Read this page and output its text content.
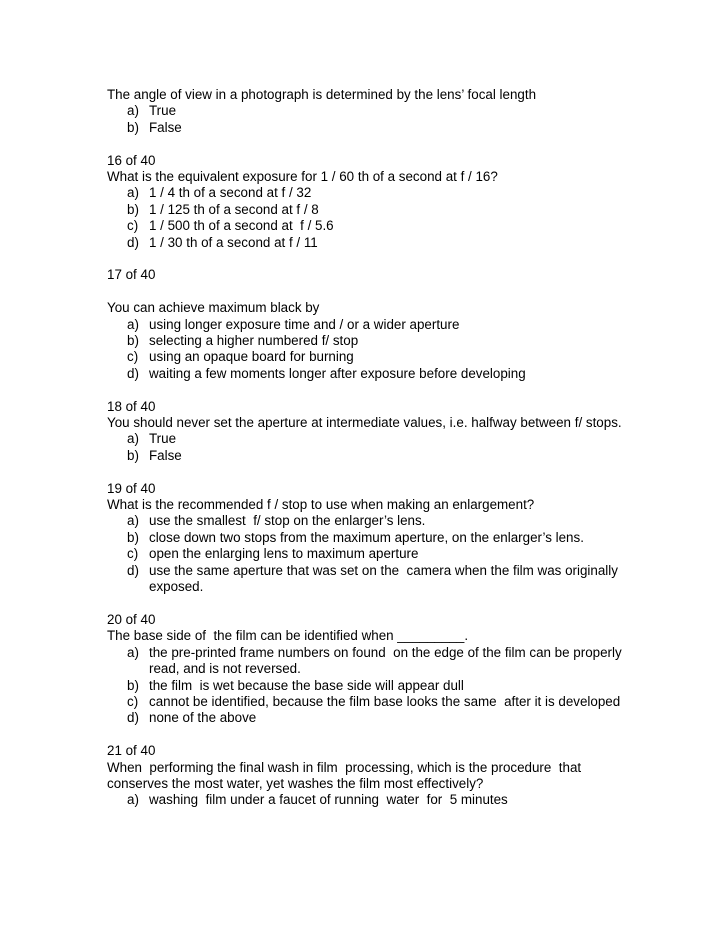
The angle of view in a photograph is determined by the lens’ focal length
a) True
b) False
16 of 40
What is the equivalent exposure for 1 / 60 th of a second at f / 16?
a) 1 / 4 th of a second at f / 32
b) 1 / 125 th of a second at f / 8
c) 1 / 500 th of a second at  f / 5.6
d) 1 / 30 th of a second at f / 11
17 of 40
You can achieve maximum black by
a) using longer exposure time and / or a wider aperture
b) selecting a higher numbered f/ stop
c) using an opaque board for burning
d) waiting a few moments longer after exposure before developing
18 of 40
You should never set the aperture at intermediate values, i.e. halfway between f/ stops.
a) True
b) False
19 of 40
What is the recommended f / stop to use when making an enlargement?
a) use the smallest  f/ stop on the enlarger’s lens.
b) close down two stops from the maximum aperture, on the enlarger’s lens.
c) open the enlarging lens to maximum aperture
d) use the same aperture that was set on the  camera when the film was originally exposed.
20 of 40
The base side of  the film can be identified when _________.
a) the pre-printed frame numbers on found  on the edge of the film can be properly  read, and is not reversed.
b) the film  is wet because the base side will appear dull
c) cannot be identified, because the film base looks the same  after it is developed
d) none of the above
21 of 40
When  performing the final wash in film  processing, which is the procedure  that conserves the most water, yet washes the film most effectively?
a) washing  film under a faucet of running  water  for  5 minutes
